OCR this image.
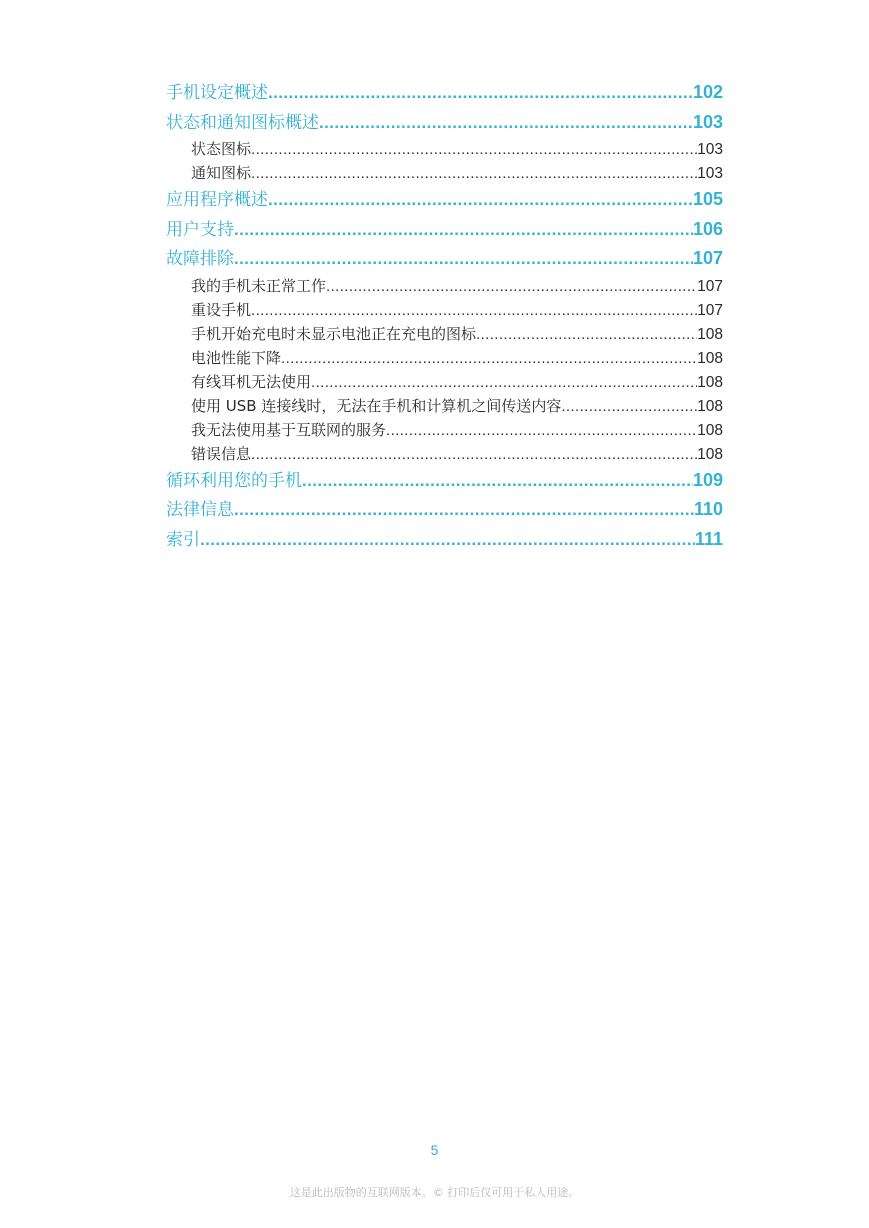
手机设定概述 .....	102
状态和通知图标概述 .....	103
状态图标 .....	103
通知图标 .....	103
应用程序概述 .....	105
用户支持 .....	106
故障排除 .....	107
我的手机未正常工作 .....	107
重设手机 .....	107
手机开始充电时未显示电池正在充电的图标 .....	108
电池性能下降 .....	108
有线耳机无法使用 .....	108
使用 USB 连接线时，无法在手机和计算机之间传送内容 .....	108
我无法使用基于互联网的服务 .....	108
错误信息 .....	108
循环利用您的手机 .....	109
法律信息 .....	110
索引 .....	111
5
这是此出版物的互联网版本。© 打印后仅可用于私人用途。
